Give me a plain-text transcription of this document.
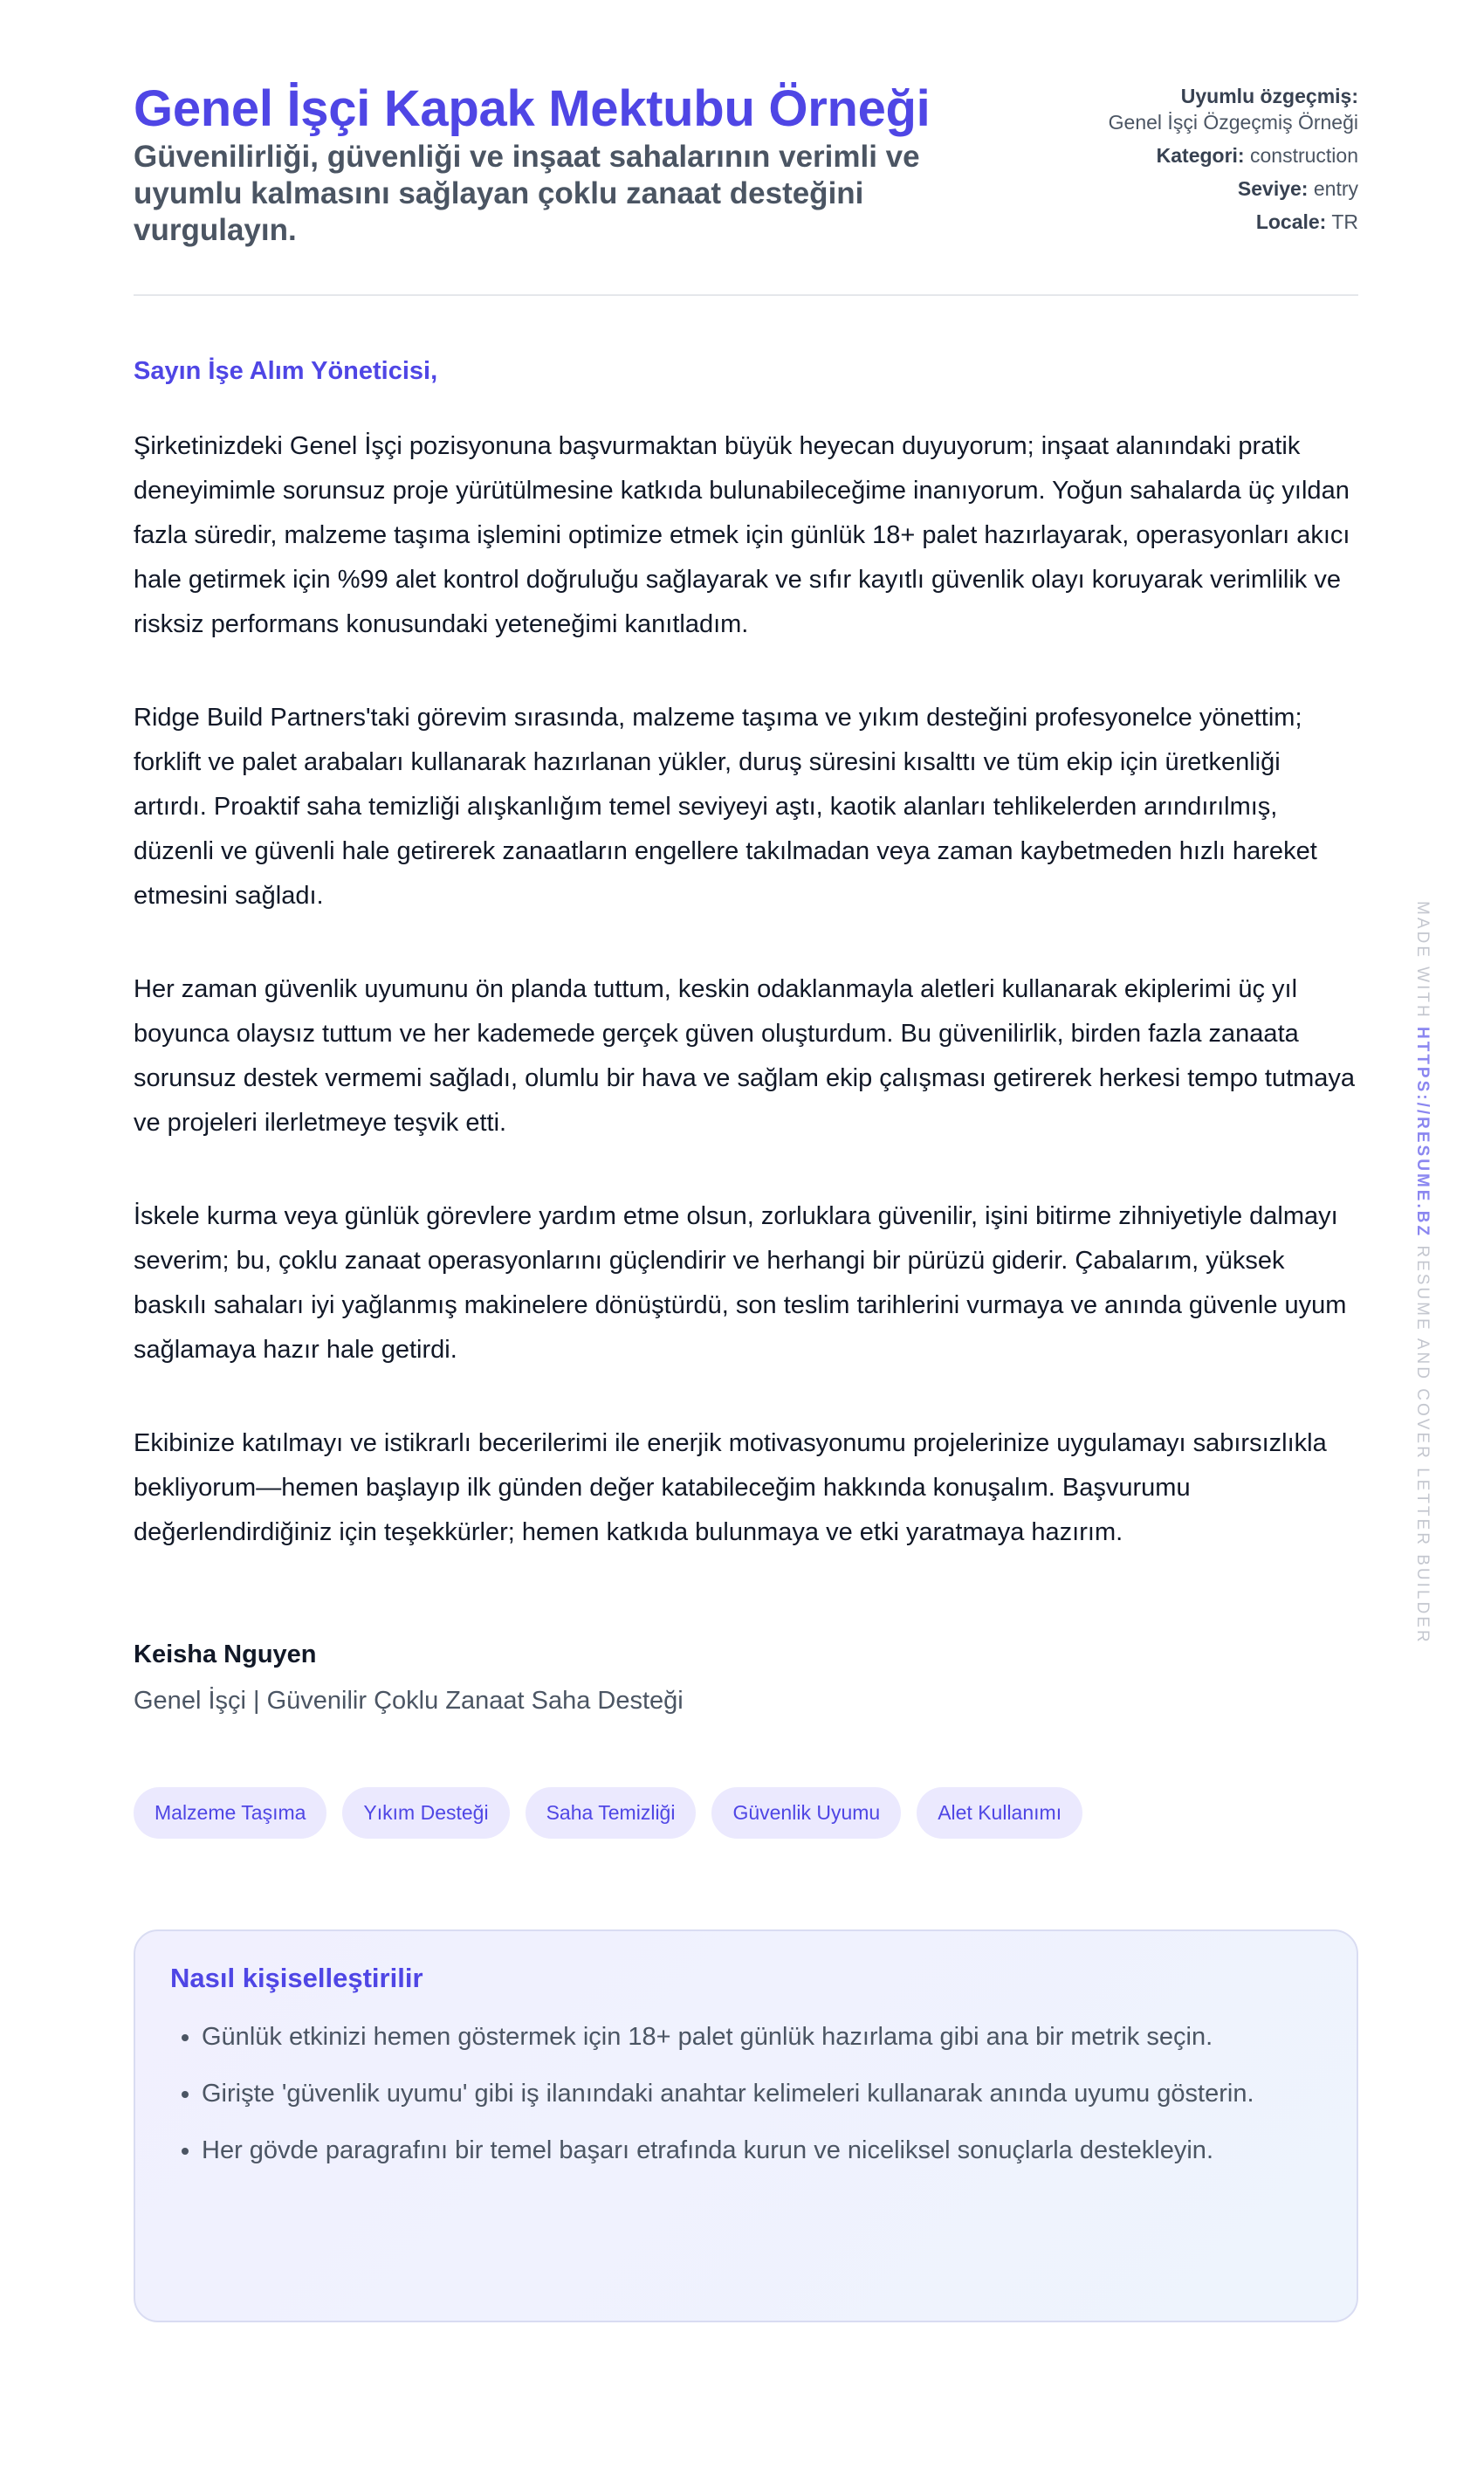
Genel İşçi Kapak Mektubu Örneği

Güvenilirliği, güvenliği ve inşaat sahalarının verimli ve uyumlu kalmasını sağlayan çoklu zanaat desteğini vurgulayın.

Uyumlu özgeçmiş:
Genel İşçi Özgeçmiş Örneği
Kategori: construction
Seviye: entry
Locale: TR
Sayın İşe Alım Yöneticisi,

Şirketinizdeki Genel İşçi pozisyonuna başvurmaktan büyük heyecan duyuyorum; inşaat alanındaki pratik deneyimimle sorunsuz proje yürütülmesine katkıda bulunabileceğime inanıyorum. Yoğun sahalarda üç yıldan fazla süredir, malzeme taşıma işlemini optimize etmek için günlük 18+ palet hazırlayarak, operasyonları akıcı hale getirmek için %99 alet kontrol doğruluğu sağlayarak ve sıfır kayıtlı güvenlik olayı koruyarak verimlilik ve risksiz performans konusundaki yeteneğimi kanıtladım.

Ridge Build Partners'taki görevim sırasında, malzeme taşıma ve yıkım desteğini profesyonelce yönettim; forklift ve palet arabaları kullanarak hazırlanan yükler, duruş süresini kısalttı ve tüm ekip için üretkenliği artırdı. Proaktif saha temizliği alışkanlığım temel seviyeyi aştı, kaotik alanları tehlikelerden arındırılmış, düzenli ve güvenli hale getirerek zanaatların engellere takılmadan veya zaman kaybetmeden hızlı hareket etmesini sağladı.

Her zaman güvenlik uyumunu ön planda tuttum, keskin odaklanmayla aletleri kullanarak ekiplerimi üç yıl boyunca olaysız tuttum ve her kademede gerçek güven oluşturdum. Bu güvenilirlik, birden fazla zanaata sorunsuz destek vermemi sağladı, olumlu bir hava ve sağlam ekip çalışması getirerek herkesi tempo tutmaya ve projeleri ilerletmeye teşvik etti.

İskele kurma veya günlük görevlere yardım etme olsun, zorluklara güvenilir, işini bitirme zihniyetiyle dalmayı severim; bu, çoklu zanaat operasyonlarını güçlendirir ve herhangi bir pürüzü giderir. Çabalarım, yüksek baskılı sahaları iyi yağlanmış makinelere dönüştürdü, son teslim tarihlerini vurmaya ve anında güvenle uyum sağlamaya hazır hale getirdi.

Ekibinize katılmayı ve istikrarlı becerilerimi ile enerjik motivasyonumu projelerinize uygulamayı sabırsızlıkla bekliyorum—hemen başlayıp ilk günden değer katabileceğim hakkında konuşalım. Başvurumu değerlendirdiğiniz için teşekkürler; hemen katkıda bulunmaya ve etki yaratmaya hazırım.

Keisha Nguyen
Genel İşçi | Güvenilir Çoklu Zanaat Saha Desteği
Malzeme Taşıma	Yıkım Desteği	Saha Temizliği	Güvenlik Uyumu	Alet Kullanımı
Nasıl kişiselleştirilir
• Günlük etkinizi hemen göstermek için 18+ palet günlük hazırlama gibi ana bir metrik seçin.
• Girişte 'güvenlik uyumu' gibi iş ilanındaki anahtar kelimeleri kullanarak anında uyumu gösterin.
• Her gövde paragrafını bir temel başarı etrafında kurun ve niceliksel sonuçlarla destekleyin.
MADE WITH HTTPS://RESUME.BZ RESUME AND COVER LETTER BUILDER
